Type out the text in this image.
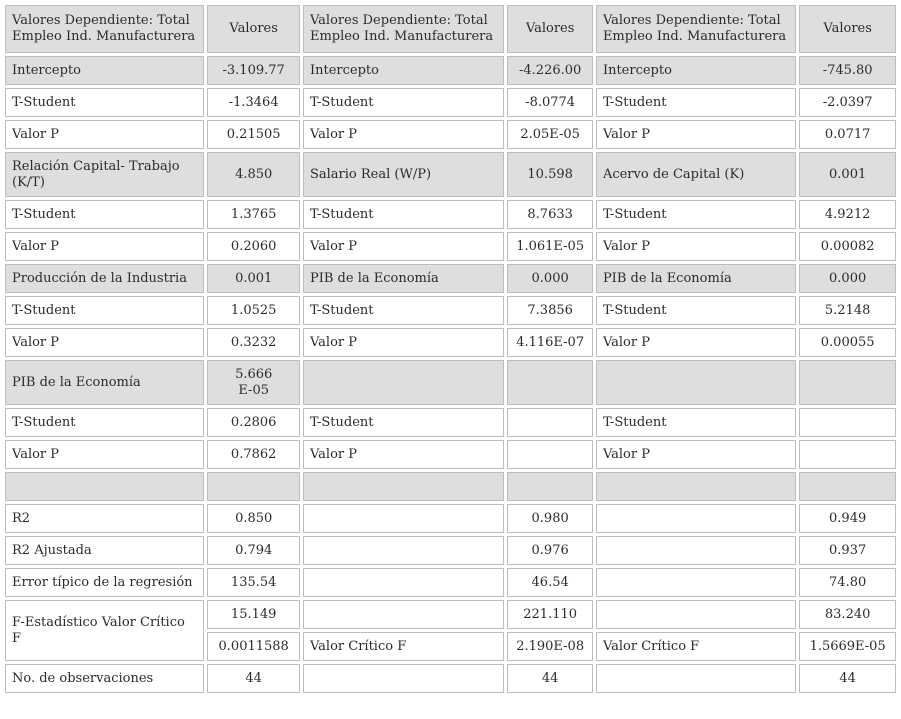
Valores Dependiente: Total Empleo Ind. Manufacturera	Valores	Valores Dependiente: Total Empleo Ind. Manufacturera	Valores	Valores Dependiente: Total Empleo Ind. Manufacturera	Valores
Intercepto	-3.109.77	Intercepto	-4.226.00	Intercepto	-745.80
T-Student	-1.3464	T-Student	-8.0774	T-Student	-2.0397
Valor P	0.21505	Valor P	2.05E-05	Valor P	0.0717
Relación Capital- Trabajo (K/T)	4.850	Salario Real (W/P)	10.598	Acervo de Capital (K)	0.001
T-Student	1.3765	T-Student	8.7633	T-Student	4.9212
Valor P	0.2060	Valor P	1.061E-05	Valor P	0.00082
Producción de la Industria	0.001	PIB de la Economía	0.000	PIB de la Economía	0.000
T-Student	1.0525	T-Student	7.3856	T-Student	5.2148
Valor P	0.3232	Valor P	4.116E-07	Valor P	0.00055
PIB de la Economía	5.666 E-05				
T-Student	0.2806	T-Student		T-Student	
Valor P	0.7862	Valor P		Valor P	

R2	0.850		0.980		0.949
R2 Ajustada	0.794		0.976		0.937
Error típico de la regresión	135.54		46.54		74.80
F-Estadístico Valor Crítico F	15.149		221.110		83.240
	0.0011588	Valor Crítico F	2.190E-08	Valor Crítico F	1.5669E-05
No. de observaciones	44		44		44
